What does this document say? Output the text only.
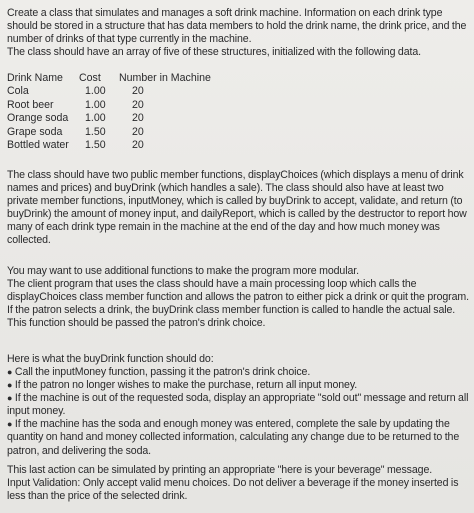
Create a class that simulates and manages a soft drink machine. Information on each drink type should be stored in a structure that has data members to hold the drink name, the drink price, and the number of drinks of that type currently in the machine.
The class should have an array of five of these structures, initialized with the following data.

Drink Name	Cost	Number in Machine
Cola	1.00	20
Root beer	1.00	20
Orange soda	1.00	20
Grape soda	1.50	20
Bottled water	1.50	20

The class should have two public member functions, displayChoices (which displays a menu of drink names and prices) and buyDrink (which handles a sale). The class should also have at least two private member functions, inputMoney, which is called by buyDrink to accept, validate, and return (to buyDrink) the amount of money input, and dailyReport, which is called by the destructor to report how many of each drink type remain in the machine at the end of the day and how much money was collected.

You may want to use additional functions to make the program more modular.
The client program that uses the class should have a main processing loop which calls the displayChoices class member function and allows the patron to either pick a drink or quit the program. If the patron selects a drink, the buyDrink class member function is called to handle the actual sale. This function should be passed the patron's drink choice.

Here is what the buyDrink function should do:

● Call the inputMoney function, passing it the patron's drink choice.
● If the patron no longer wishes to make the purchase, return all input money.
● If the machine is out of the requested soda, display an appropriate "sold out" message and return all input money.
● If the machine has the soda and enough money was entered, complete the sale by updating the quantity on hand and money collected information, calculating any change due to be returned to the patron, and delivering the soda.

This last action can be simulated by printing an appropriate "here is your beverage" message.
Input Validation: Only accept valid menu choices. Do not deliver a beverage if the money inserted is less than the price of the selected drink.
